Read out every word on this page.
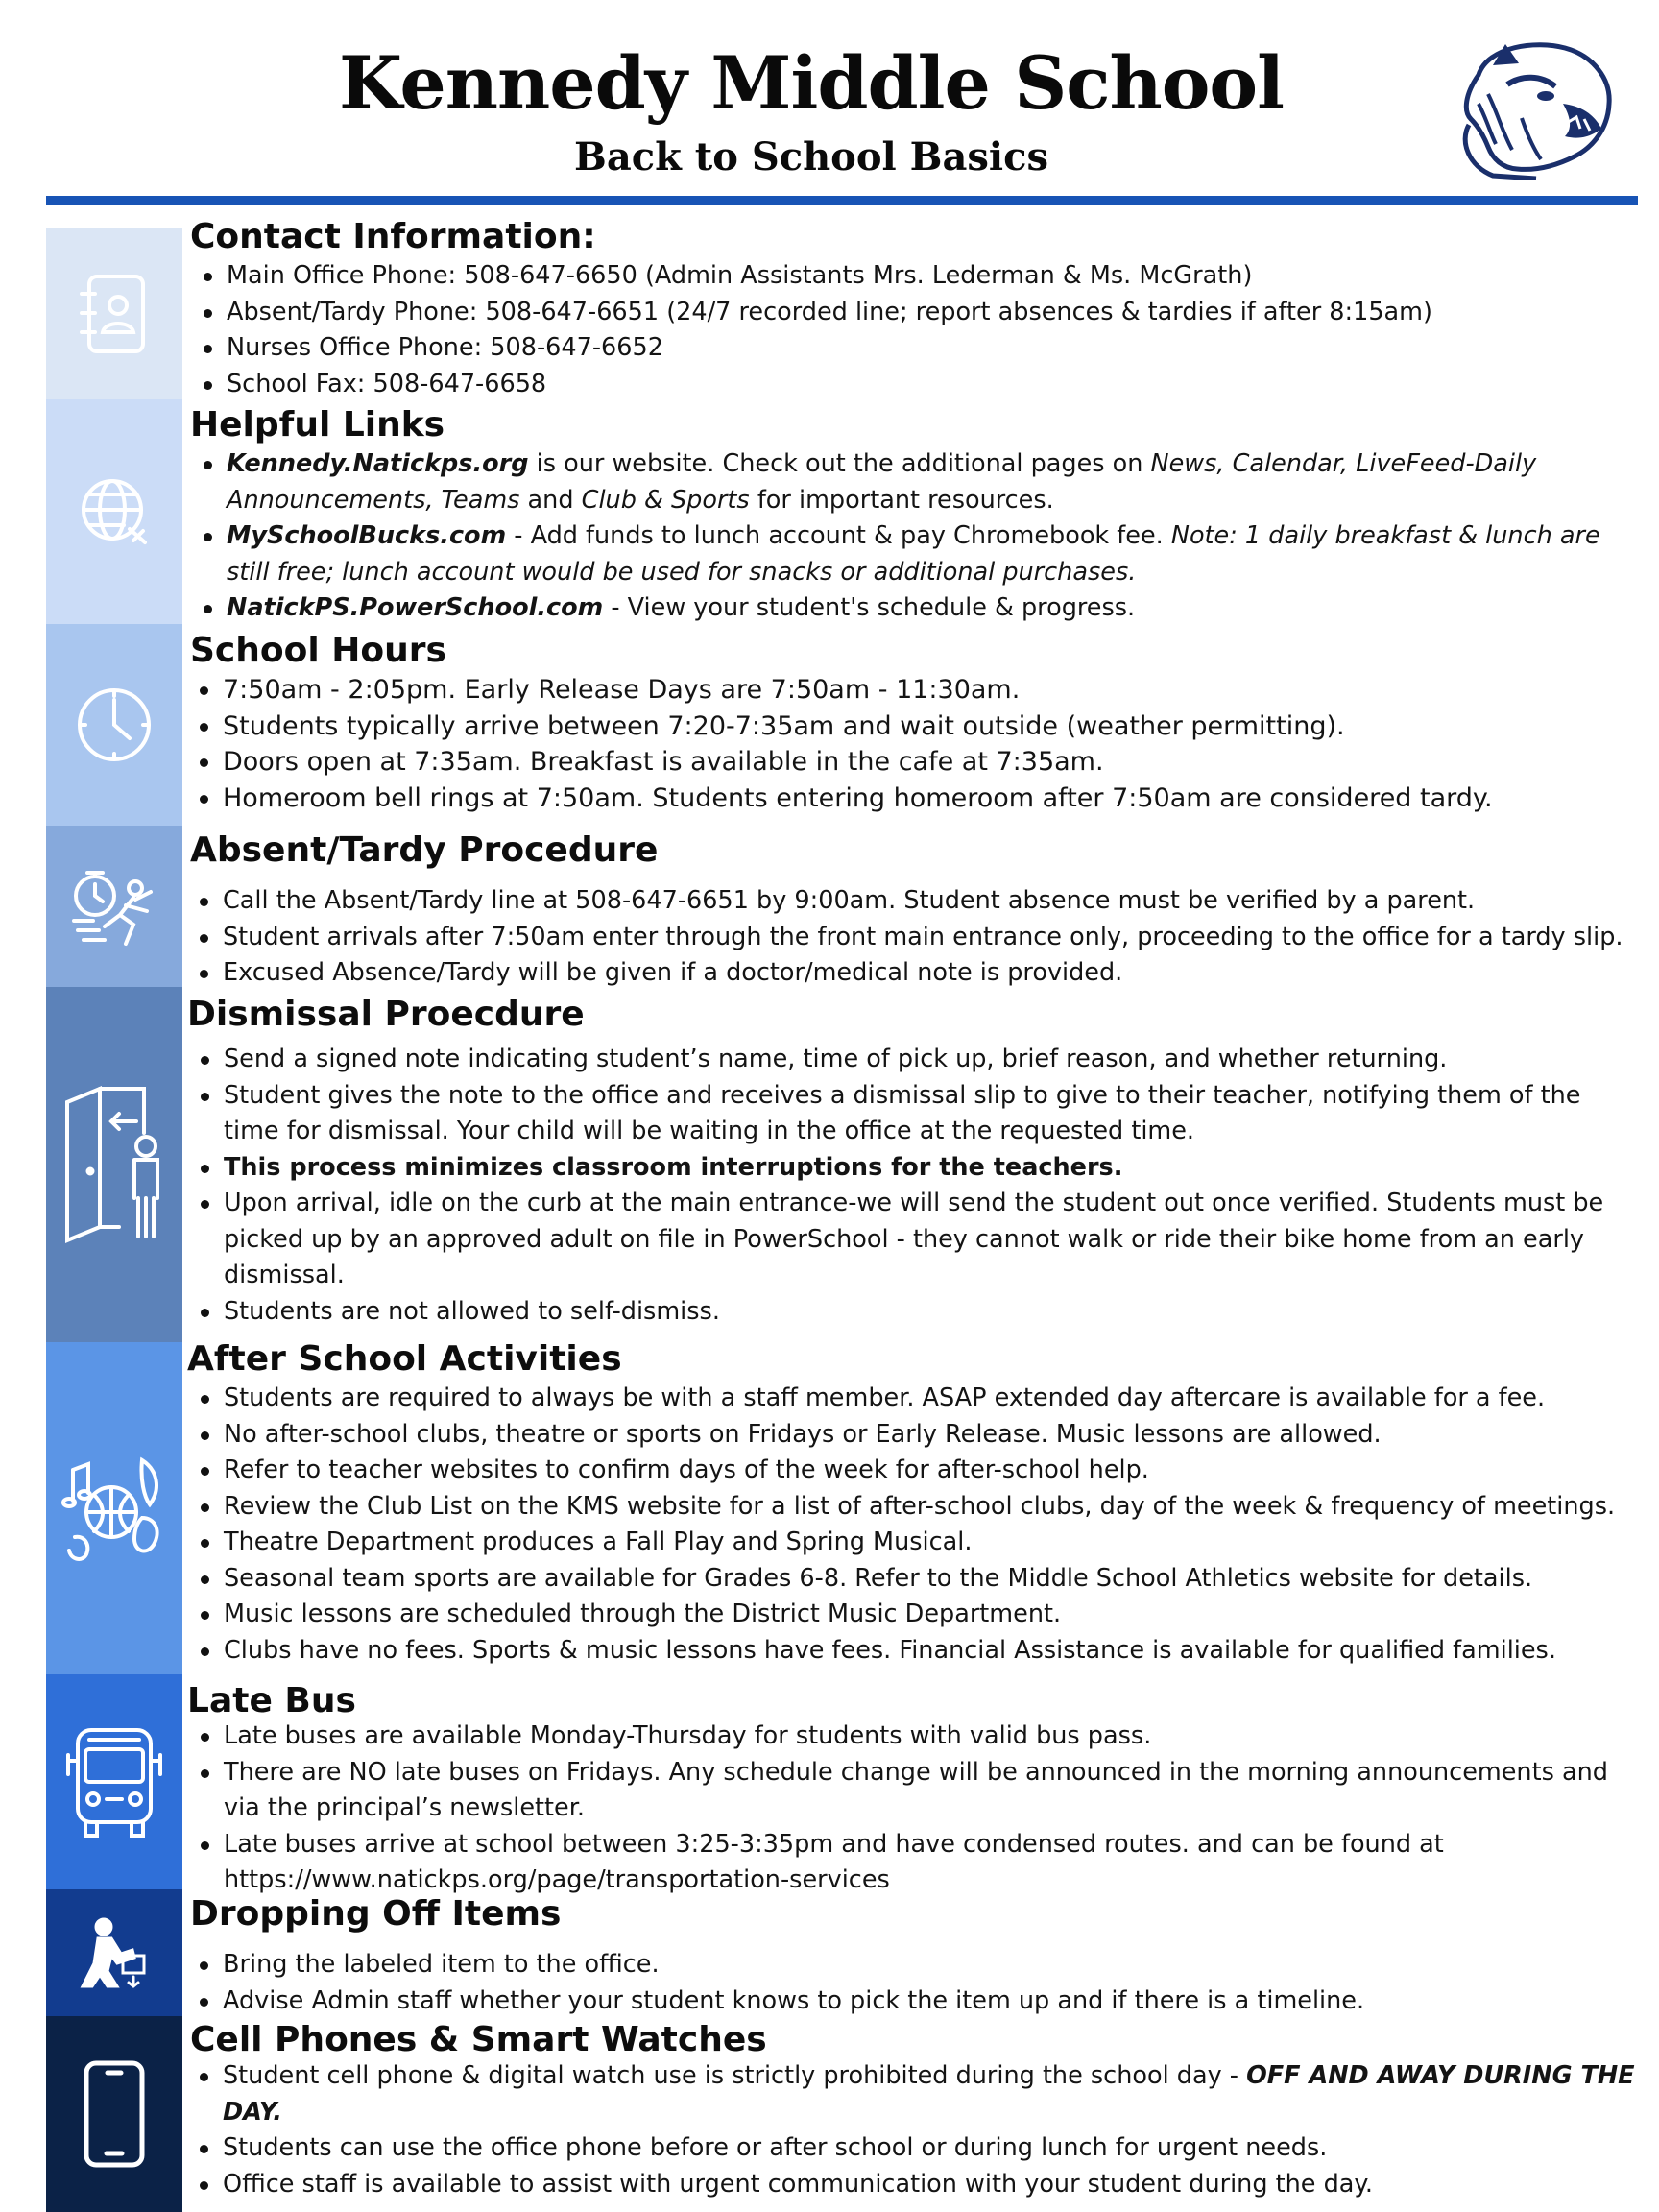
Kennedy Middle School
Back to School Basics
Contact Information:
Main Office Phone: 508-647-6650 (Admin Assistants Mrs. Lederman & Ms. McGrath)
Absent/Tardy Phone: 508-647-6651 (24/7 recorded line; report absences & tardies if after 8:15am)
Nurses Office Phone: 508-647-6652
School Fax: 508-647-6658
Helpful Links
Kennedy.Natickps.org is our website. Check out the additional pages on News, Calendar, LiveFeed-Daily Announcements, Teams and Club & Sports for important resources.
MySchoolBucks.com - Add funds to lunch account & pay Chromebook fee. Note: 1 daily breakfast & lunch are still free; lunch account would be used for snacks or additional purchases.
NatickPS.PowerSchool.com - View your student's schedule & progress.
School Hours
7:50am - 2:05pm. Early Release Days are 7:50am - 11:30am.
Students typically arrive between 7:20-7:35am and wait outside (weather permitting).
Doors open at 7:35am. Breakfast is available in the cafe at 7:35am.
Homeroom bell rings at 7:50am. Students entering homeroom after 7:50am are considered tardy.
Absent/Tardy Procedure
Call the Absent/Tardy line at 508-647-6651 by 9:00am. Student absence must be verified by a parent.
Student arrivals after 7:50am enter through the front main entrance only, proceeding to the office for a tardy slip.
Excused Absence/Tardy will be given if a doctor/medical note is provided.
Dismissal Proecdure
Send a signed note indicating student’s name, time of pick up, brief reason, and whether returning.
Student gives the note to the office and receives a dismissal slip to give to their teacher, notifying them of the time for dismissal. Your child will be waiting in the office at the requested time.
This process minimizes classroom interruptions for the teachers.
Upon arrival, idle on the curb at the main entrance-we will send the student out once verified. Students must be picked up by an approved adult on file in PowerSchool - they cannot walk or ride their bike home from an early dismissal.
Students are not allowed to self-dismiss.
After School Activities
Students are required to always be with a staff member. ASAP extended day aftercare is available for a fee.
No after-school clubs, theatre or sports on Fridays or Early Release. Music lessons are allowed.
Refer to teacher websites to confirm days of the week for after-school help.
Review the Club List on the KMS website for a list of after-school clubs, day of the week & frequency of meetings.
Theatre Department produces a Fall Play and Spring Musical.
Seasonal team sports are available for Grades 6-8. Refer to the Middle School Athletics website for details.
Music lessons are scheduled through the District Music Department.
Clubs have no fees. Sports & music lessons have fees. Financial Assistance is available for qualified families.
Late Bus
Late buses are available Monday-Thursday for students with valid bus pass.
There are NO late buses on Fridays. Any schedule change will be announced in the morning announcements and via the principal’s newsletter.
Late buses arrive at school between 3:25-3:35pm and have condensed routes. and can be found at https://www.natickps.org/page/transportation-services
Dropping Off Items
Bring the labeled item to the office.
Advise Admin staff whether your student knows to pick the item up and if there is a timeline.
Cell Phones & Smart Watches
Student cell phone & digital watch use is strictly prohibited during the school day - OFF AND AWAY DURING THE DAY.
Students can use the office phone before or after school or during lunch for urgent needs.
Office staff is available to assist with urgent communication with your student during the day.
